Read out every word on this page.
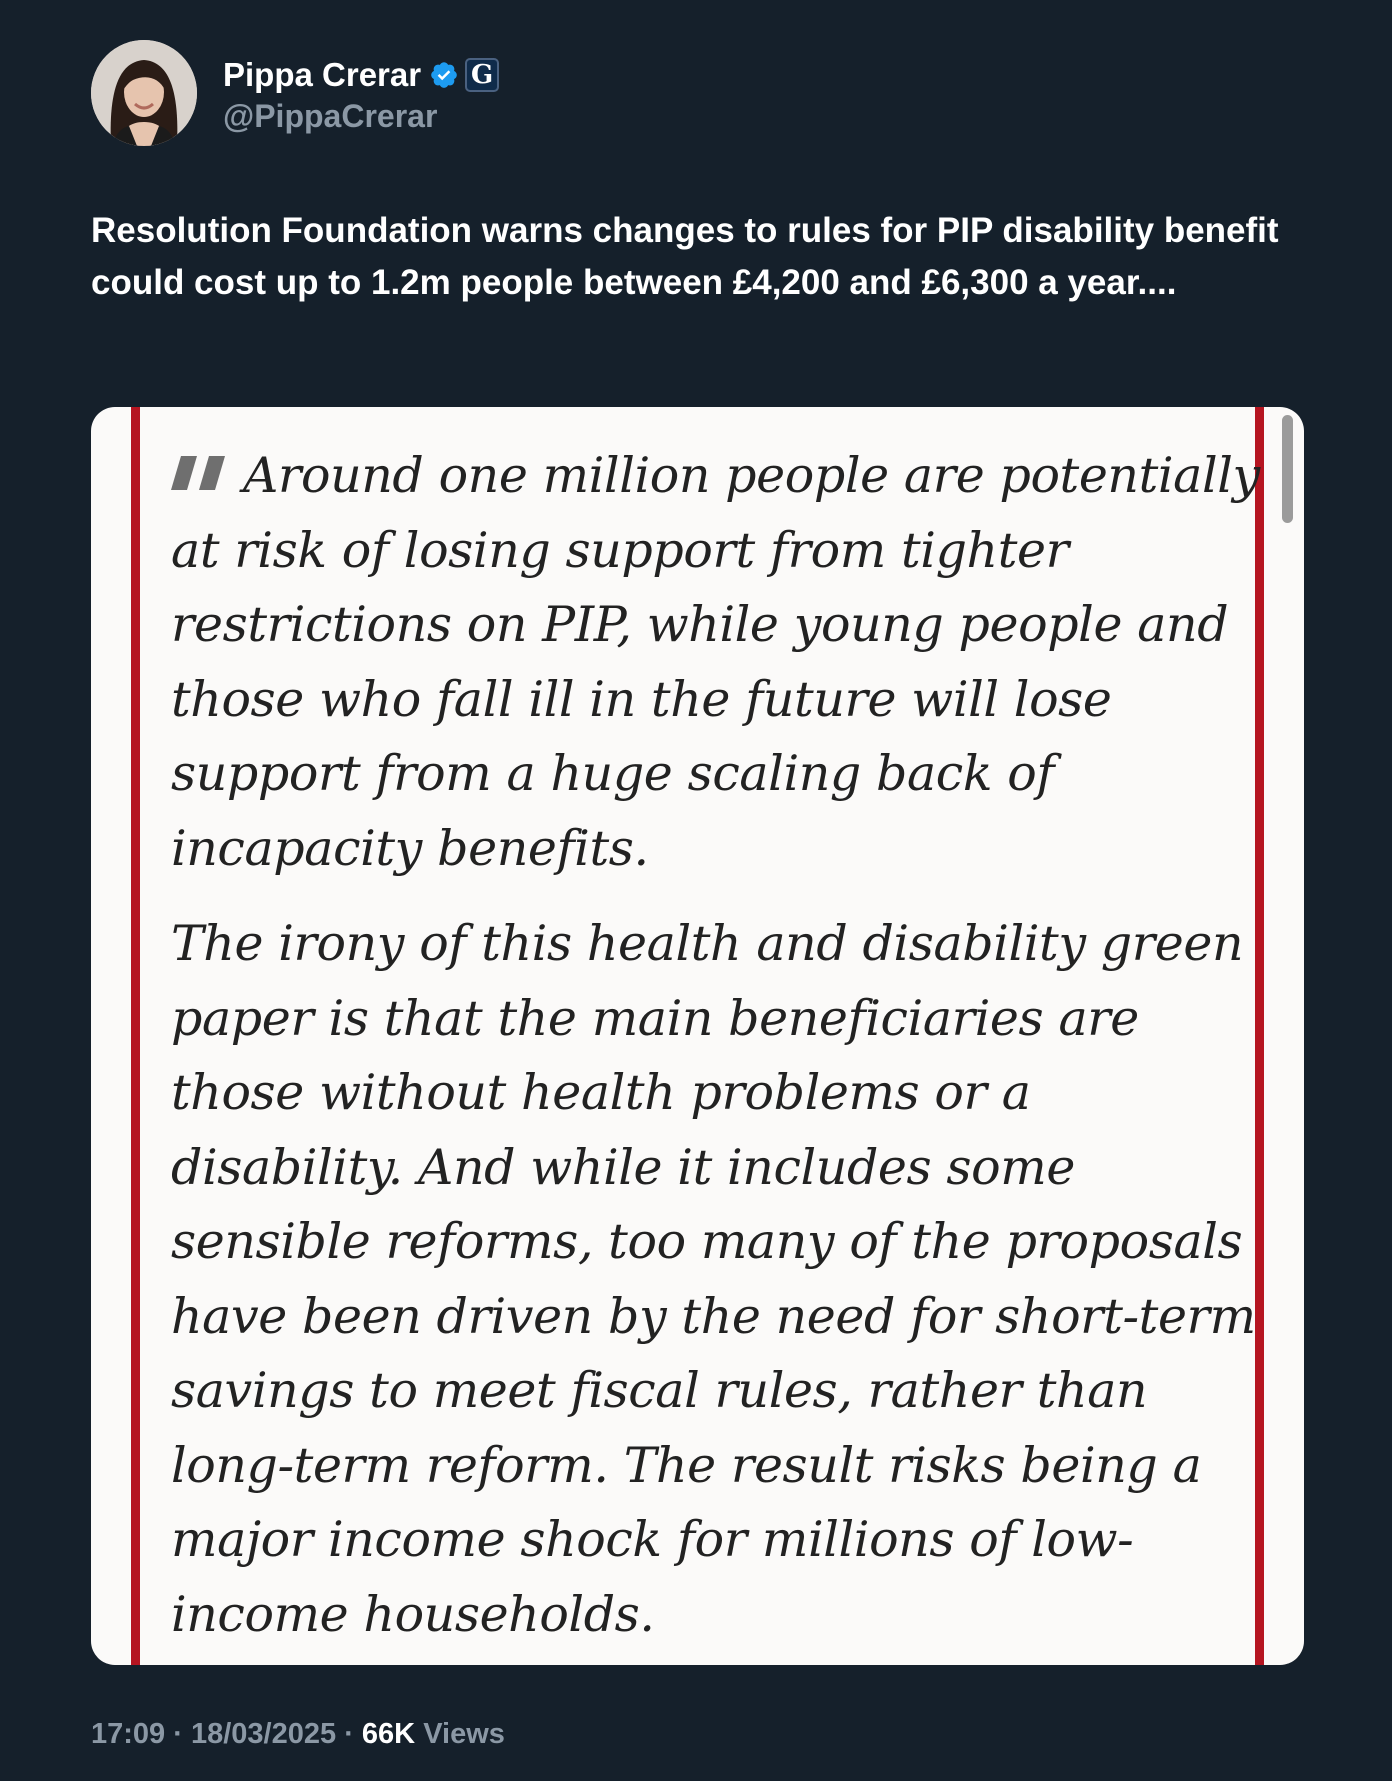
Pippa Crerar G
@PippaCrerar
Resolution Foundation warns changes to rules for PIP disability benefit could cost up to 1.2m people between £4,200 and £6,300 a year....

Around one million people are potentially at risk of losing support from tighter restrictions on PIP, while young people and those who fall ill in the future will lose support from a huge scaling back of incapacity benefits.

The irony of this health and disability green paper is that the main beneficiaries are those without health problems or a disability. And while it includes some sensible reforms, too many of the proposals have been driven by the need for short-term savings to meet fiscal rules, rather than long-term reform. The result risks being a major income shock for millions of low-income households.

17:09 · 18/03/2025 · 66K Views
